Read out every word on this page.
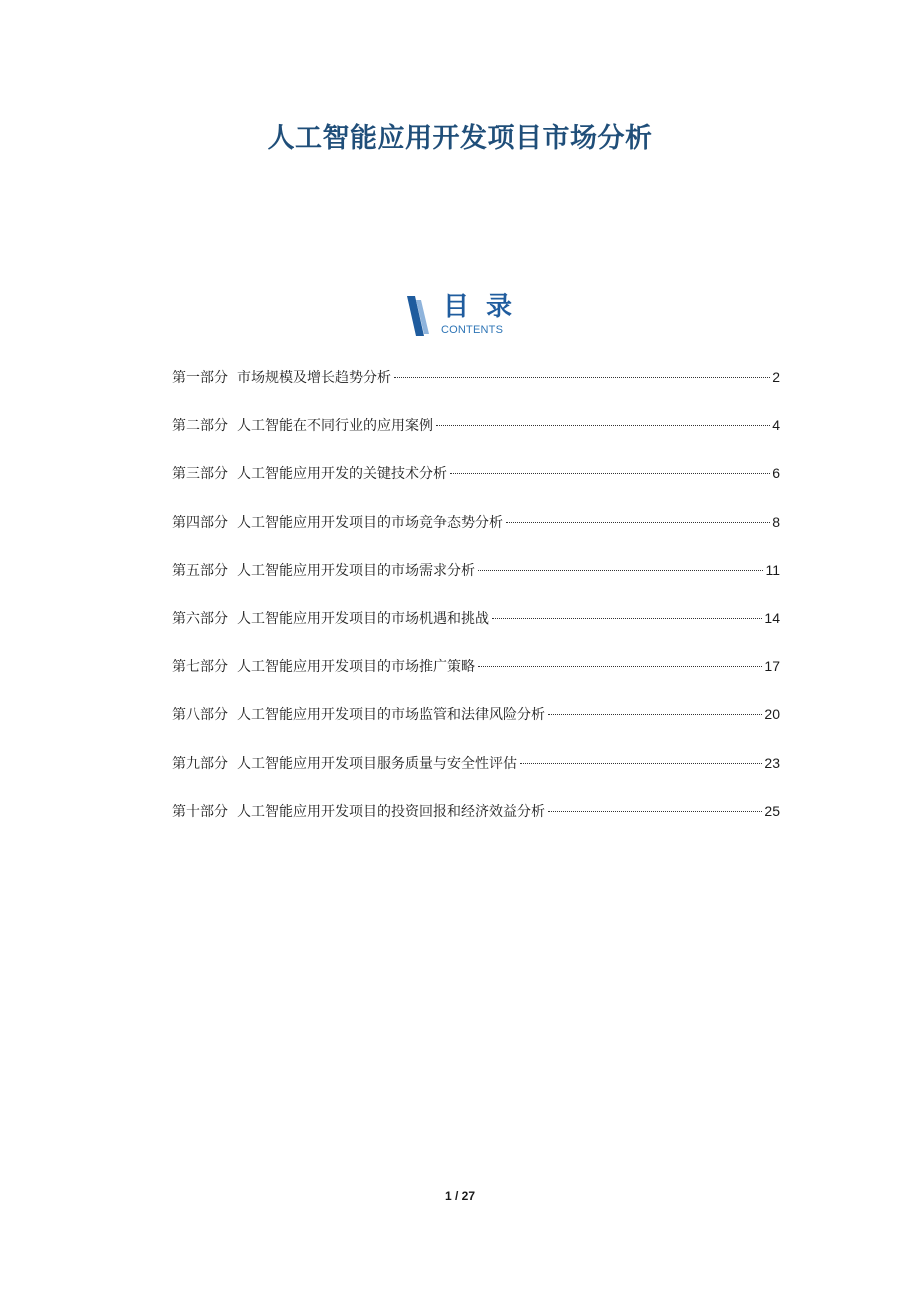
人工智能应用开发项目市场分析
目 录
CONTENTS
第一部分 市场规模及增长趋势分析	2
第二部分 人工智能在不同行业的应用案例	4
第三部分 人工智能应用开发的关键技术分析	6
第四部分 人工智能应用开发项目的市场竞争态势分析	8
第五部分 人工智能应用开发项目的市场需求分析	11
第六部分 人工智能应用开发项目的市场机遇和挑战	14
第七部分 人工智能应用开发项目的市场推广策略	17
第八部分 人工智能应用开发项目的市场监管和法律风险分析	20
第九部分 人工智能应用开发项目服务质量与安全性评估	23
第十部分 人工智能应用开发项目的投资回报和经济效益分析	25
1 / 27
